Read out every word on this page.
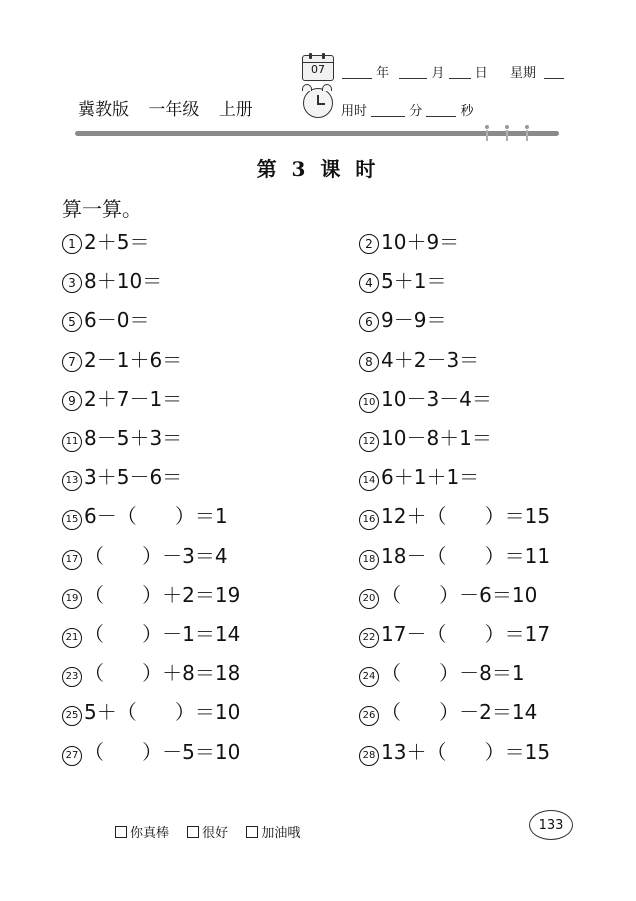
07	年	月 日 星期
冀教版 一年级 上册	用时	分	秒
第 3 课 时
算一算。
1 2＋5＝	2 10＋9＝
3 8＋10＝	4 5＋1＝
5 6－0＝	6 9－9＝
7 2－1＋6＝	8 4＋2－3＝
9 2＋7－1＝	10 10－3－4＝
11 8－5＋3＝	12 10－8＋1＝
13 3＋5－6＝	14 6＋1＋1＝
15 6－（      ）＝1	16 12＋（      ）＝15
17 （      ）－3＝4	18 18－（      ）＝11
19 （      ）＋2＝19	20 （      ）－6＝10
21 （      ）－1＝14	22 17－（      ）＝17
23 （      ）＋8＝18	24 （      ）－8＝1
25 5＋（      ）＝10	26 （      ）－2＝14
27 （      ）－5＝10	28 13＋（      ）＝15
你真棒	很好	加油哦
133
